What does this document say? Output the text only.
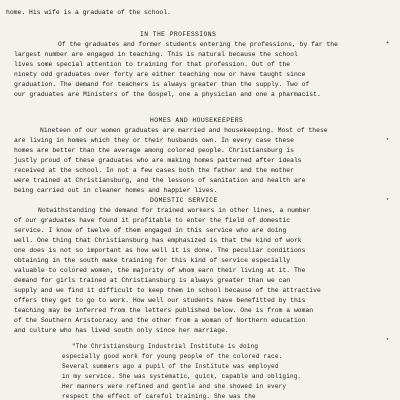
home. His wife is a graduate of the school.
IN THE PROFESSIONS
Of the graduates and former students entering the professions, by far the
largest number are engaged in teaching. This is natural because the school
lives some special attention to training for that profession. Out of the
ninety odd graduates over forty are either teaching now or have taught since
graduation. The demand for teachers is always greater than the supply. Two of
our graduates are Ministers of the Gospel, one a physician and one a pharmacist.
HOMES AND HOUSEKEEPERS
Nineteen of our women graduates are married and housekeeping. Most of these
are living in homes which they or their husbands own. In every case these
homes are better than the average among colored people. Christiansburg is
justly proud of these graduates who are making homes patterned after ideals
received at the school. In not a few cases both the father and the mother
were trained at Christiansburg, and the lessons of sanitation and health are
being carried out in cleaner homes and happier lives.
DOMESTIC SERVICE
Notwithstanding the demand for trained workers in other lines, a number
of our graduates have found it profitable to enter the field of domestic
service. I know of twelve of them engaged in this service who are doing
well. One thing that Christiansburg has emphasized is that the kind of work
one does is not so important as how well it is done. The peculiar conditions
obtaining in the south make training for this kind of service especially
valuable to colored women, the majority of whom earn their living at it. The
demand for girls trained at Christiansburg is always greater than we can
supply and we find it difficult to keep them in school because of the attractive
offers they get to go to work. How well our students have benefitted by this
teaching may be inferred from the letters published below. One is from a woman
of the Southern Aristocracy and the other from a woman of Northern education
and culture who has lived south only since her marriage.
"The Christiansburg Industrial Institute is doing
especially good work for young people of the colored race.
Several summers ago a pupil of the Institute was employed
in my service. She was systematic, quick, capable and obliging.
Her manners were refined and gentle and she showed in every
respect the effect of careful training. She was the
+
*
*
*
